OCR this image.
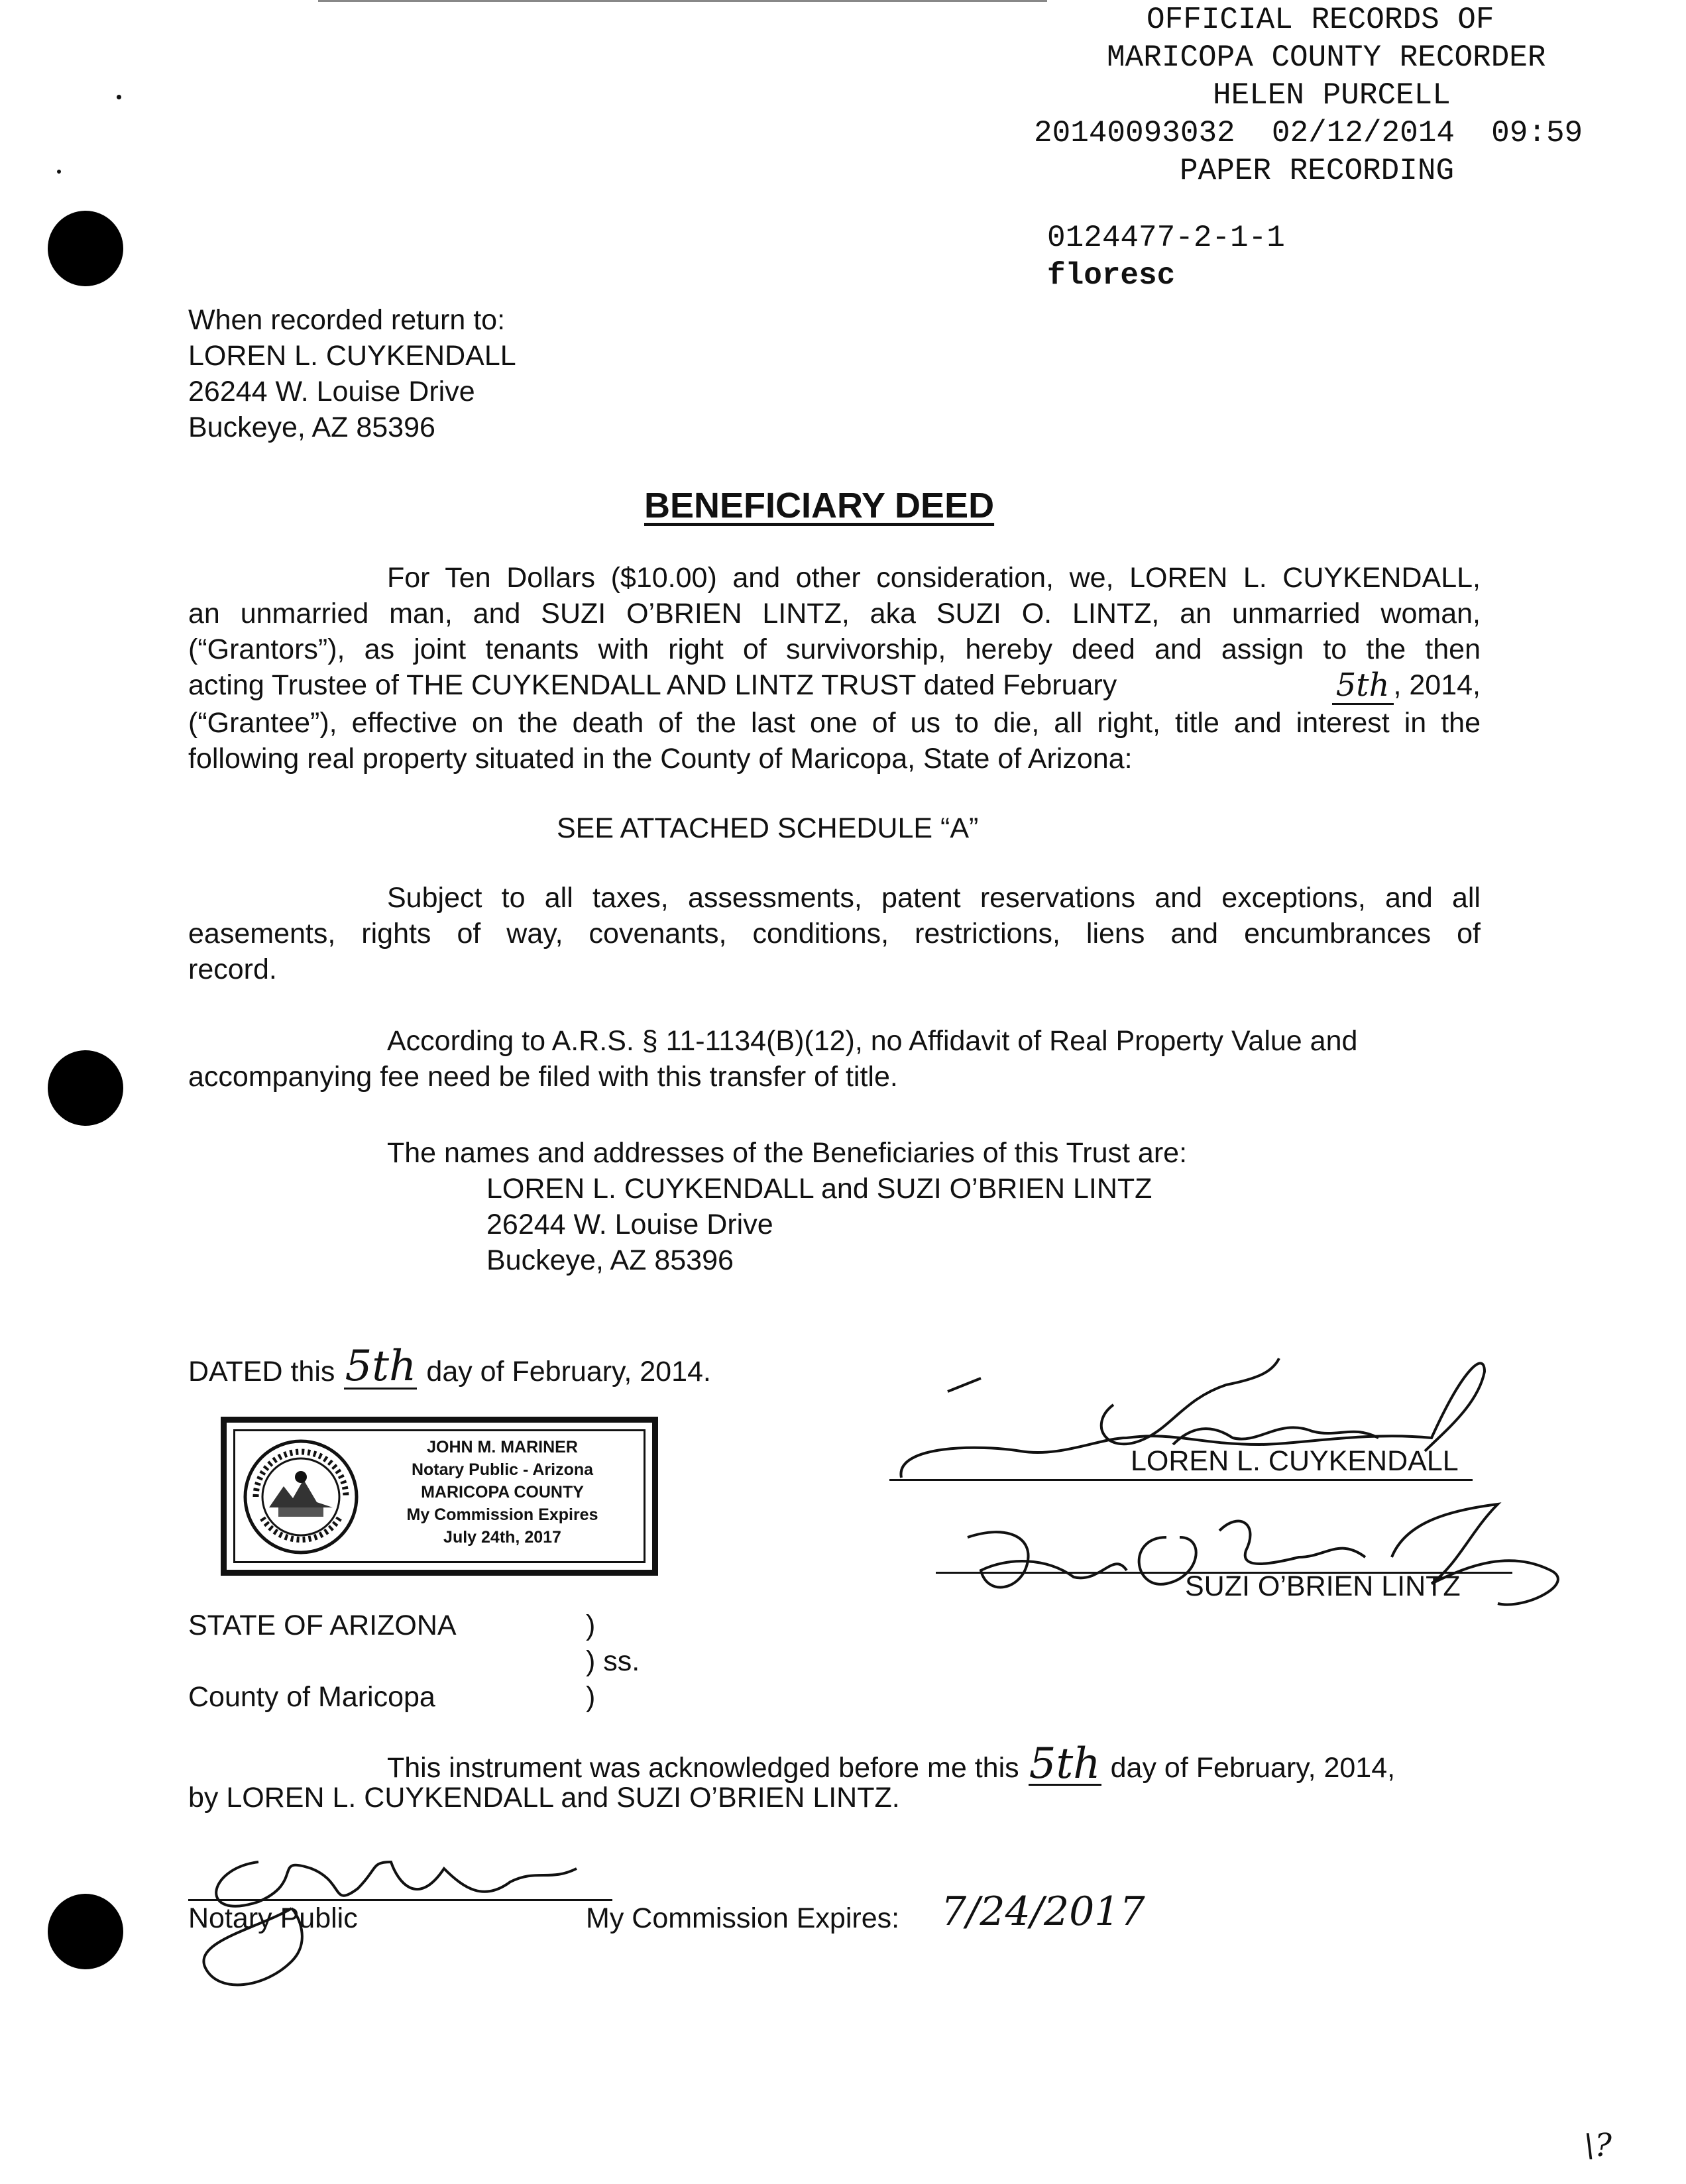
OFFICIAL RECORDS OF
MARICOPA COUNTY RECORDER
HELEN PURCELL
20140093032 02/12/2014 09:59
PAPER RECORDING
0124477-2-1-1
floresc
When recorded return to:
LOREN L. CUYKENDALL
26244 W. Louise Drive
Buckeye, AZ 85396
BENEFICIARY DEED
For Ten Dollars ($10.00) and other consideration, we, LOREN L. CUYKENDALL,
an unmarried man, and SUZI O’BRIEN LINTZ, aka SUZI O. LINTZ, an unmarried woman,
(“Grantors”), as joint tenants with right of survivorship, hereby deed and assign to the then
acting Trustee of THE CUYKENDALL AND LINTZ TRUST dated February	5th , 2014,
(“Grantee”), effective on the death of the last one of us to die, all right, title and interest in the
following real property situated in the County of Maricopa, State of Arizona:
SEE ATTACHED SCHEDULE “A”
Subject to all taxes, assessments, patent reservations and exceptions, and all
easements, rights of way, covenants, conditions, restrictions, liens and encumbrances of
record.
According to A.R.S. § 11-1134(B)(12), no Affidavit of Real Property Value and
accompanying fee need be filed with this transfer of title.
The names and addresses of the Beneficiaries of this Trust are:
LOREN L. CUYKENDALL and SUZI O’BRIEN LINTZ
26244 W. Louise Drive
Buckeye, AZ 85396
DATED this 5th day of February, 2014.
JOHN M. MARINER
Notary Public - Arizona
MARICOPA COUNTY
My Commission Expires
July 24th, 2017
LOREN L. CUYKENDALL
SUZI O’BRIEN LINTZ
STATE OF ARIZONA	)
) ss.
County of Maricopa	)
This instrument was acknowledged before me this 5th day of February, 2014,
by LOREN L. CUYKENDALL and SUZI O’BRIEN LINTZ.
Notary Public	My Commission Expires: 7/24/2017
\?
